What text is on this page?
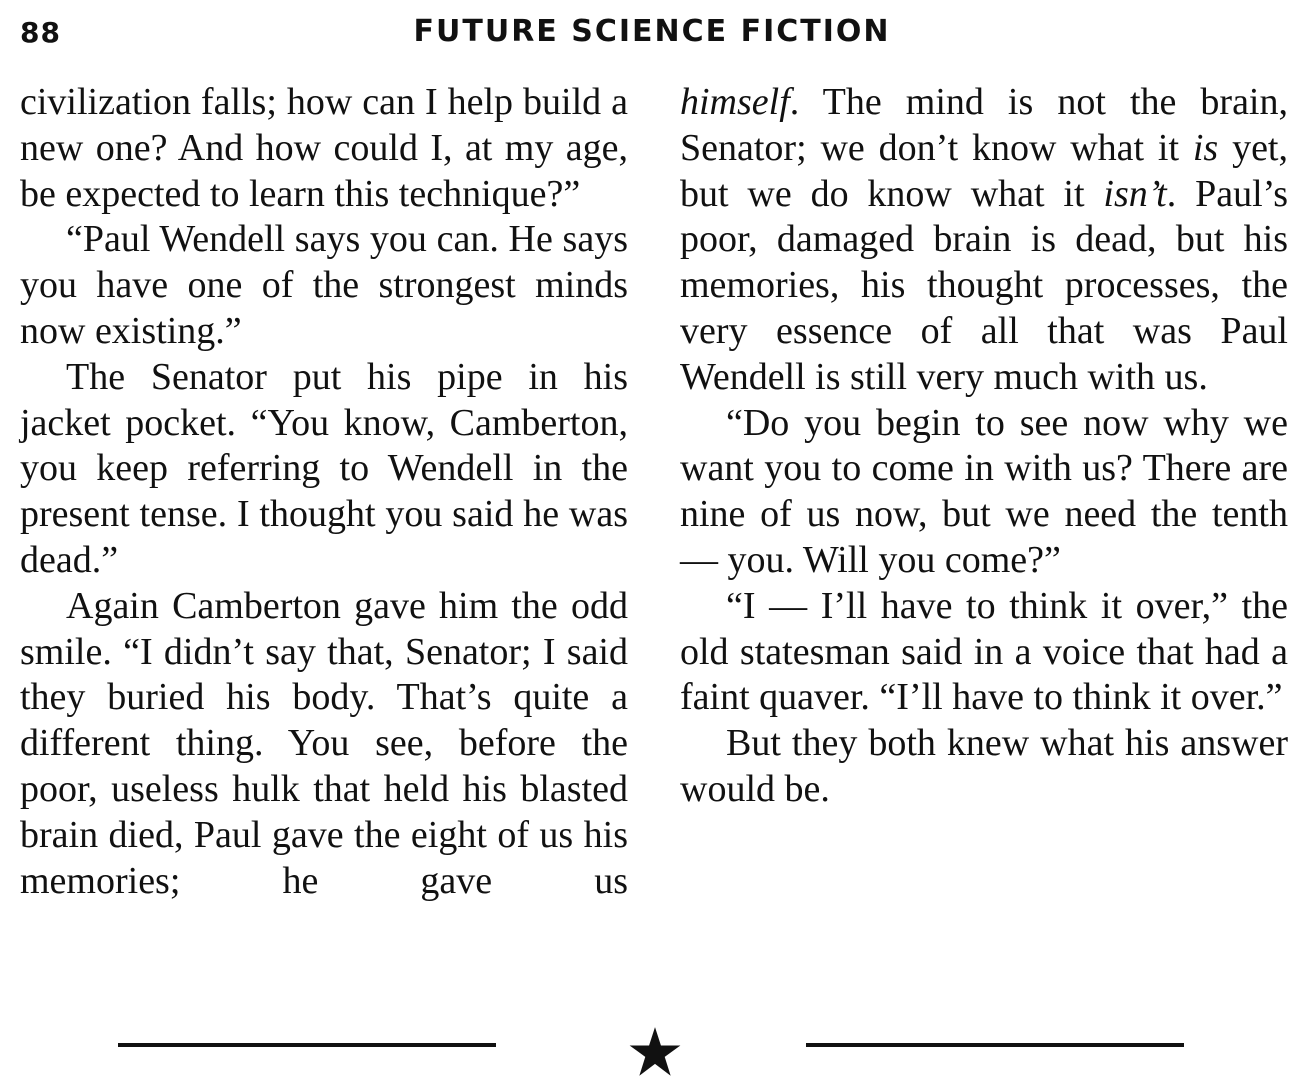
88	FUTURE SCIENCE FICTION

civilization falls; how can I help build a new one? And how could I, at my age, be expected to learn this technique?”

“Paul Wendell says you can. He says you have one of the strongest minds now existing.”

The Senator put his pipe in his jacket pocket. “You know, Camberton, you keep referring to Wendell in the present tense. I thought you said he was dead.”

Again Camberton gave him the odd smile. “I didn’t say that, Senator; I said they buried his body. That’s quite a different thing. You see, before the poor, useless hulk that held his blasted brain died, Paul gave the eight of us his memories; he gave us

himself. The mind is not the brain, Senator; we don’t know what it is yet, but we do know what it isn’t. Paul’s poor, damaged brain is dead, but his memories, his thought processes, the very essence of all that was Paul Wendell is still very much with us.

“Do you begin to see now why we want you to come in with us? There are nine of us now, but we need the tenth — you. Will you come?”

“I — I’ll have to think it over,” the old statesman said in a voice that had a faint quaver. “I’ll have to think it over.”

But they both knew what his answer would be.
